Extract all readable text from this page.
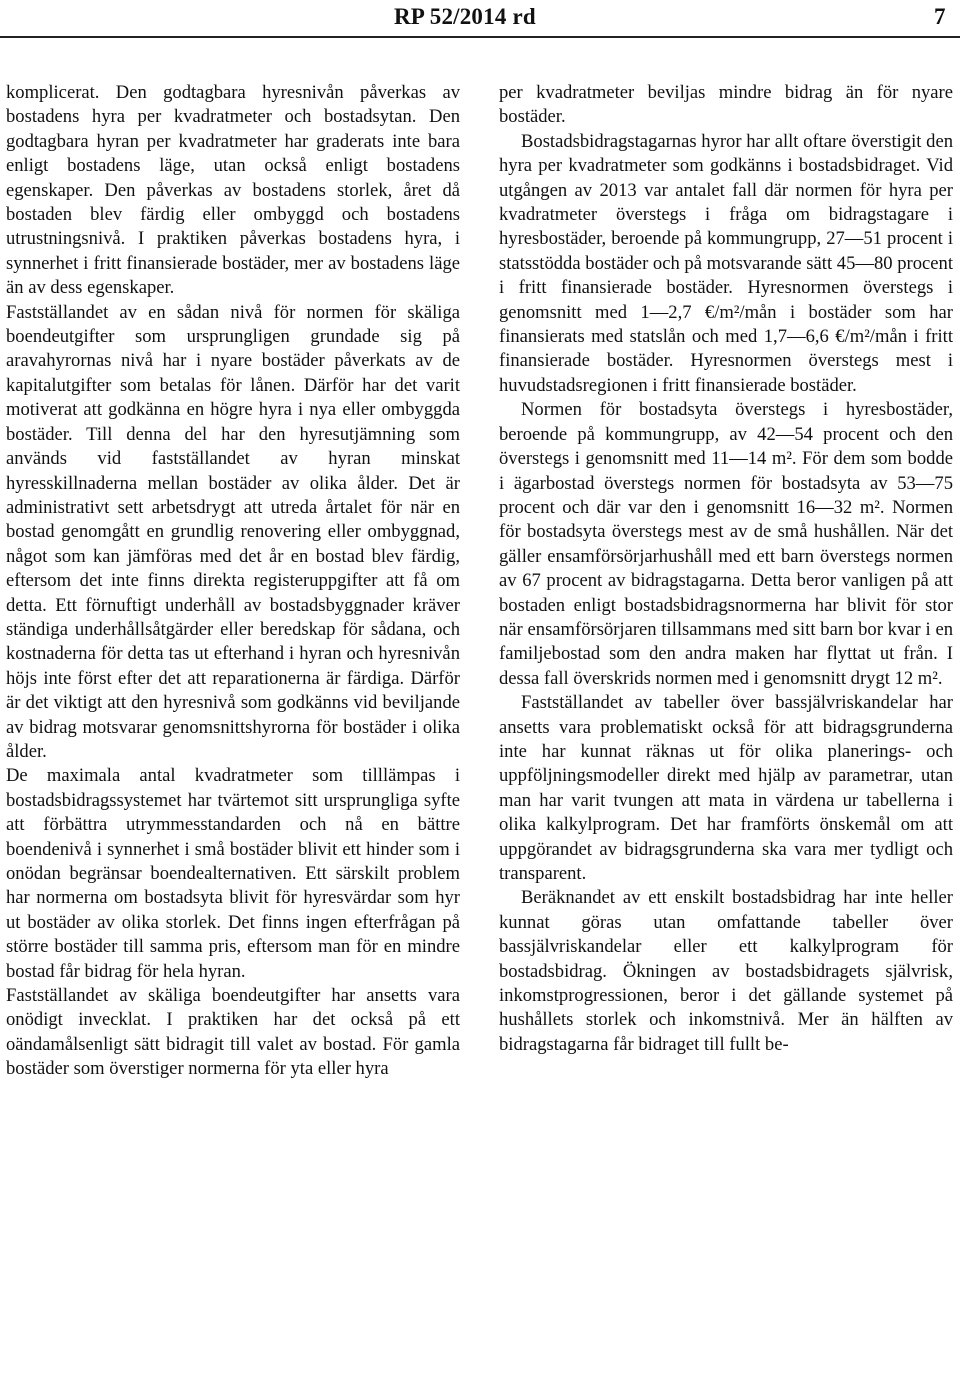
RP 52/2014 rd	7

komplicerat. Den godtagbara hyresnivån påverkas av bostadens hyra per kvadratmeter och bostadsytan. Den godtagbara hyran per kvadratmeter har graderats inte bara enligt bostadens läge, utan också enligt bostadens egenskaper. Den påverkas av bostadens storlek, året då bostaden blev färdig eller ombyggd och bostadens utrustningsnivå. I praktiken påverkas bostadens hyra, i synnerhet i fritt finansierade bostäder, mer av bostadens läge än av dess egenskaper.

Fastställandet av en sådan nivå för normen för skäliga boendeutgifter som ursprungligen grundade sig på aravahyrornas nivå har i nyare bostäder påverkats av de kapitalutgifter som betalas för lånen. Därför har det varit motiverat att godkänna en högre hyra i nya eller ombyggda bostäder. Till denna del har den hyresutjämning som används vid fastställandet av hyran minskat hyresskillnaderna mellan bostäder av olika ålder. Det är administrativt sett arbetsdrygt att utreda årtalet för när en bostad genomgått en grundlig renovering eller ombyggnad, något som kan jämföras med det år en bostad blev färdig, eftersom det inte finns direkta registeruppgifter att få om detta. Ett förnuftigt underhåll av bostadsbyggnader kräver ständiga underhållsåtgärder eller beredskap för sådana, och kostnaderna för detta tas ut efterhand i hyran och hyresnivån höjs inte först efter det att reparationerna är färdiga. Därför är det viktigt att den hyresnivå som godkänns vid beviljande av bidrag motsvarar genomsnittshyrorna för bostäder i olika ålder.

De maximala antal kvadratmeter som tilllämpas i bostadsbidragssystemet har tvärtemot sitt ursprungliga syfte att förbättra utrymmesstandarden och nå en bättre boendenivå i synnerhet i små bostäder blivit ett hinder som i onödan begränsar boendealternativen. Ett särskilt problem har normerna om bostadsyta blivit för hyresvärdar som hyr ut bostäder av olika storlek. Det finns ingen efterfrågan på större bostäder till samma pris, eftersom man för en mindre bostad får bidrag för hela hyran.

Fastställandet av skäliga boendeutgifter har ansetts vara onödigt invecklat. I praktiken har det också på ett oändamålsenligt sätt bidragit till valet av bostad. För gamla bostäder som överstiger normerna för yta eller hyra

per kvadratmeter beviljas mindre bidrag än för nyare bostäder.

Bostadsbidragstagarnas hyror har allt oftare överstigit den hyra per kvadratmeter som godkänns i bostadsbidraget. Vid utgången av 2013 var antalet fall där normen för hyra per kvadratmeter överstegs i fråga om bidragstagare i hyresbostäder, beroende på kommungrupp, 27—51 procent i statsstödda bostäder och på motsvarande sätt 45—80 procent i fritt finansierade bostäder. Hyresnormen överstegs i genomsnitt med 1—2,7 €/m²/mån i bostäder som har finansierats med statslån och med 1,7—6,6 €/m²/mån i fritt finansierade bostäder. Hyresnormen överstegs mest i huvudstadsregionen i fritt finansierade bostäder.

Normen för bostadsyta överstegs i hyresbostäder, beroende på kommungrupp, av 42—54 procent och den överstegs i genomsnitt med 11—14 m². För dem som bodde i ägarbostad överstegs normen för bostadsyta av 53—75 procent och där var den i genomsnitt 16—32 m². Normen för bostadsyta överstegs mest av de små hushållen. När det gäller ensamförsörjarhushåll med ett barn överstegs normen av 67 procent av bidragstagarna. Detta beror vanligen på att bostaden enligt bostadsbidragsnormerna har blivit för stor när ensamförsörjaren tillsammans med sitt barn bor kvar i en familjebostad som den andra maken har flyttat ut från. I dessa fall överskrids normen med i genomsnitt drygt 12 m².

Fastställandet av tabeller över bassjälvriskandelar har ansetts vara problematiskt också för att bidragsgrunderna inte har kunnat räknas ut för olika planerings- och uppföljningsmodeller direkt med hjälp av parametrar, utan man har varit tvungen att mata in värdena ur tabellerna i olika kalkylprogram. Det har framförts önskemål om att uppgörandet av bidragsgrunderna ska vara mer tydligt och transparent.

Beräknandet av ett enskilt bostadsbidrag har inte heller kunnat göras utan omfattande tabeller över bassjälvriskandelar eller ett kalkylprogram för bostadsbidrag. Ökningen av bostadsbidragets självrisk, inkomstprogressionen, beror i det gällande systemet på hushållets storlek och inkomstnivå. Mer än hälften av bidragstagarna får bidraget till fullt be-
